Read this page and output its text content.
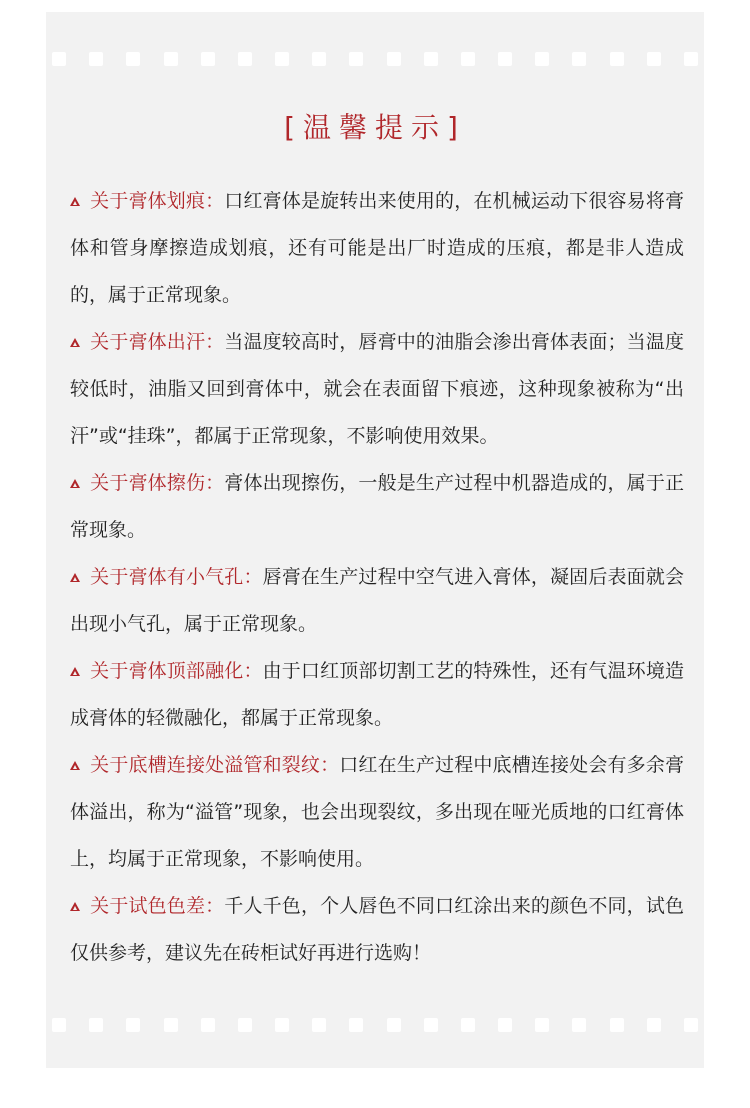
[温馨提示]
关于膏体划痕：口红膏体是旋转出来使用的，在机械运动下很容易将膏体和管身摩擦造成划痕，还有可能是出厂时造成的压痕，都是非人造成的，属于正常现象。
关于膏体出汗：当温度较高时，唇膏中的油脂会渗出膏体表面；当温度较低时，油脂又回到膏体中，就会在表面留下痕迹，这种现象被称为“出汗”或“挂珠”，都属于正常现象，不影响使用效果。
关于膏体擦伤：膏体出现擦伤，一般是生产过程中机器造成的，属于正常现象。
关于膏体有小气孔：唇膏在生产过程中空气进入膏体，凝固后表面就会出现小气孔，属于正常现象。
关于膏体顶部融化：由于口红顶部切割工艺的特殊性，还有气温环境造成膏体的轻微融化，都属于正常现象。
关于底槽连接处溢管和裂纹：口红在生产过程中底槽连接处会有多余膏体溢出，称为“溢管”现象，也会出现裂纹，多出现在哑光质地的口红膏体上，均属于正常现象，不影响使用。
关于试色色差：千人千色，个人唇色不同口红涂出来的颜色不同，试色仅供参考，建议先在砖柜试好再进行选购！
